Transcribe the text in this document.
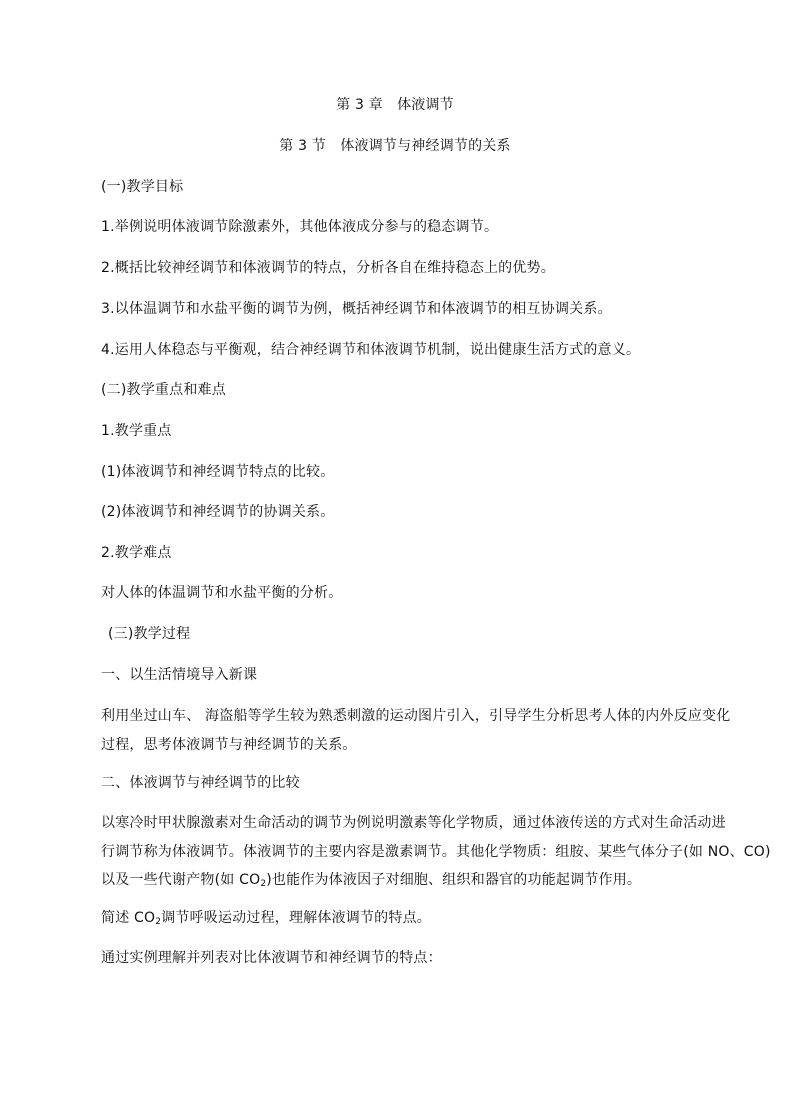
第 3 章　体液调节
第 3 节　体液调节与神经调节的关系
(一)教学目标
1.举例说明体液调节除激素外，其他体液成分参与的稳态调节。
2.概括比较神经调节和体液调节的特点，分析各自在维持稳态上的优势。
3.以体温调节和水盐平衡的调节为例，概括神经调节和体液调节的相互协调关系。
4.运用人体稳态与平衡观，结合神经调节和体液调节机制，说出健康生活方式的意义。
(二)教学重点和难点
1.教学重点
(1)体液调节和神经调节特点的比较。
(2)体液调节和神经调节的协调关系。
2.教学难点
对人体的体温调节和水盐平衡的分析。
(三)教学过程
一、以生活情境导入新课
利用坐过山车、 海盗船等学生较为熟悉刺激的运动图片引入，引导学生分析思考人体的内外反应变化
过程，思考体液调节与神经调节的关系。
二、体液调节与神经调节的比较
以寒冷时甲状腺激素对生命活动的调节为例说明激素等化学物质，通过体液传送的方式对生命活动进
行调节称为体液调节。体液调节的主要内容是激素调节。其他化学物质：组胺、某些气体分子(如 NO、CO)
以及一些代谢产物(如 $CO_2$)也能作为体液因子对细胞、组织和器官的功能起调节作用。
简述 $CO_2$调节呼吸运动过程，理解体液调节的特点。
通过实例理解并列表对比体液调节和神经调节的特点：
